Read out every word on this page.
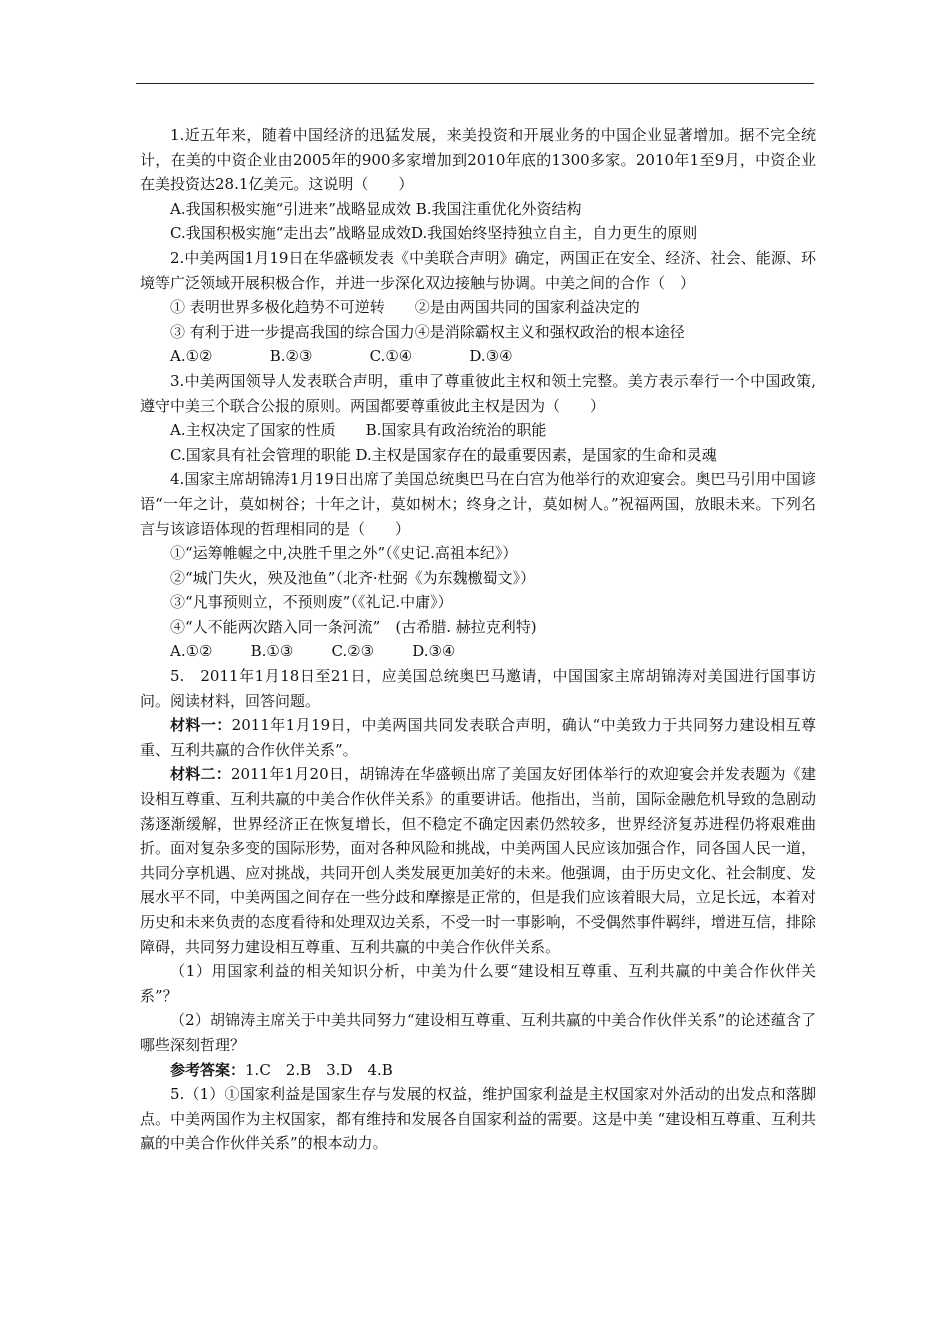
1.近五年来，随着中国经济的迅猛发展，来美投资和开展业务的中国企业显著增加。据不完全统计，在美的中资企业由2005年的900多家增加到2010年底的1300多家。2010年1至9月，中资企业在美投资达28.1亿美元。这说明（　　）

A.我国积极实施“引进来”战略显成效 B.我国注重优化外资结构

C.我国积极实施“走出去”战略显成效D.我国始终坚持独立自主，自力更生的原则

2.中美两国1月19日在华盛顿发表《中美联合声明》确定，两国正在安全、经济、社会、能源、环境等广泛领域开展积极合作，并进一步深化双边接触与协调。中美之间的合作（　）

① 表明世界多极化趋势不可逆转　　②是由两国共同的国家利益决定的

③ 有利于进一步提高我国的综合国力④是消除霸权主义和强权政治的根本途径

A.①②            B.②③            C.①④            D.③④

3.中美两国领导人发表联合声明，重申了尊重彼此主权和领土完整。美方表示奉行一个中国政策,遵守中美三个联合公报的原则。两国都要尊重彼此主权是因为（　　）

A.主权决定了国家的性质　　B.国家具有政治统治的职能

C.国家具有社会管理的职能 D.主权是国家存在的最重要因素，是国家的生命和灵魂

4.国家主席胡锦涛1月19日出席了美国总统奥巴马在白宫为他举行的欢迎宴会。奥巴马引用中国谚语“一年之计，莫如树谷；十年之计，莫如树木；终身之计，莫如树人。”祝福两国，放眼未来。下列名言与该谚语体现的哲理相同的是（　　）

①“运筹帷幄之中,决胜千里之外”（《史记.高祖本纪》）

②“城门失火，殃及池鱼”（北齐·杜弼《为东魏檄蜀文》）

③“凡事预则立，不预则废”（《礼记.中庸》）

④“人不能两次踏入同一条河流”　(古希腊. 赫拉克利特)

A.①②        B.①③        C.②③        D.③④

5.　2011年1月18日至21日，应美国总统奥巴马邀请，中国国家主席胡锦涛对美国进行国事访问。阅读材料，回答问题。

材料一：2011年1月19日，中美两国共同发表联合声明，确认“中美致力于共同努力建设相互尊重、互利共赢的合作伙伴关系”。

材料二：2011年1月20日，胡锦涛在华盛顿出席了美国友好团体举行的欢迎宴会并发表题为《建设相互尊重、互利共赢的中美合作伙伴关系》的重要讲话。他指出，当前，国际金融危机导致的急剧动荡逐渐缓解，世界经济正在恢复增长，但不稳定不确定因素仍然较多，世界经济复苏进程仍将艰难曲折。面对复杂多变的国际形势，面对各种风险和挑战，中美两国人民应该加强合作，同各国人民一道，共同分享机遇、应对挑战，共同开创人类发展更加美好的未来。他强调，由于历史文化、社会制度、发展水平不同，中美两国之间存在一些分歧和摩擦是正常的，但是我们应该着眼大局，立足长远，本着对历史和未来负责的态度看待和处理双边关系，不受一时一事影响，不受偶然事件羁绊，增进互信，排除障碍，共同努力建设相互尊重、互利共赢的中美合作伙伴关系。

（1）用国家利益的相关知识分析，中美为什么要“建设相互尊重、互利共赢的中美合作伙伴关系”？

（2）胡锦涛主席关于中美共同努力“建设相互尊重、互利共赢的中美合作伙伴关系”的论述蕴含了哪些深刻哲理？

参考答案：1.C　2.B　3.D　4.B

5.（1）①国家利益是国家生存与发展的权益，维护国家利益是主权国家对外活动的出发点和落脚点。中美两国作为主权国家，都有维持和发展各自国家利益的需要。这是中美 “建设相互尊重、互利共赢的中美合作伙伴关系”的根本动力。
